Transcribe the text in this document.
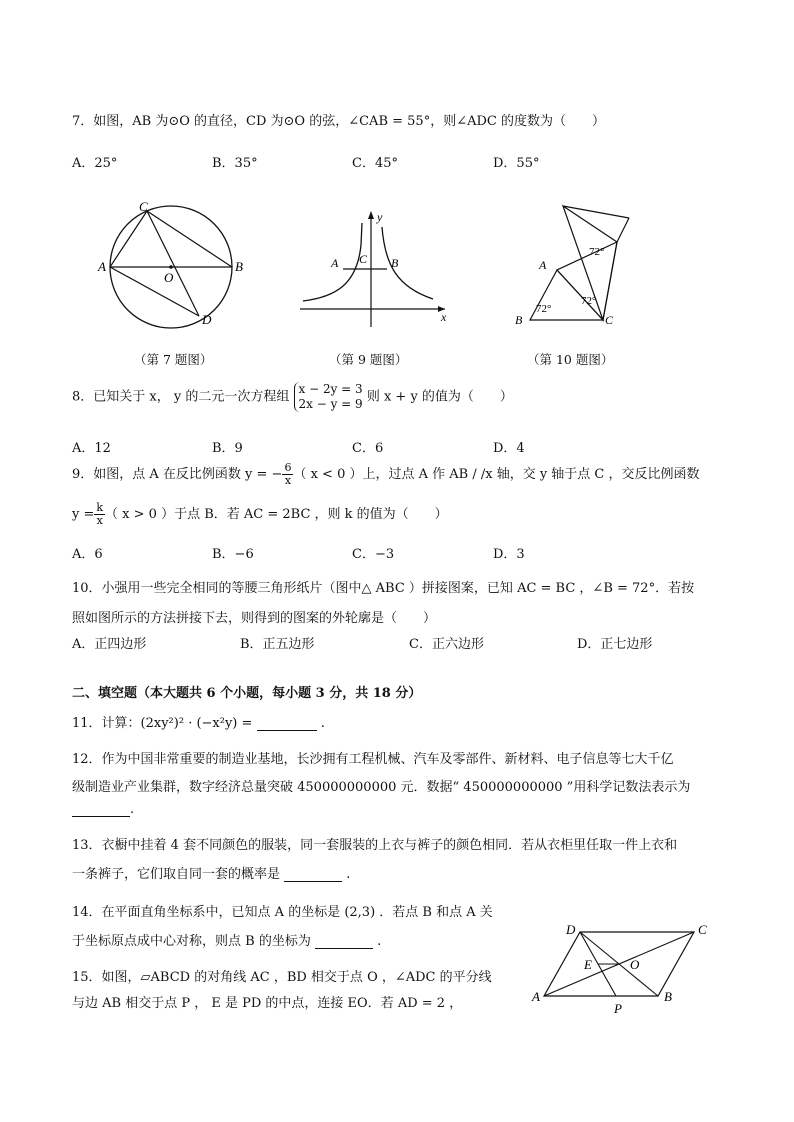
7．如图，AB 为⊙O 的直径，CD 为⊙O 的弦，∠CAB = 55°，则∠ADC 的度数为（　　）
A．25°	B．35°	C．45°	D．55°
C
A
O
B
D
（第 7 题图）
y
A C B
x
（第 9 题图）
72°
A
72°
72°
B	C
（第 10 题图）
8．已知关于 x， y 的二元一次方程组
x − 2y = 3
2x − y = 9 则 x + y 的值为（　　）
A．12	B．9	C．6	D．4
9．如图，点 A 在反比例函数 y = − $\frac{6}{x}$ （ x < 0 ）上，过点 A 作 AB / /x 轴，交 y 轴于点 C ，交反比例函数
$y = \frac{k}{x}$ （ x > 0 ）于点 B．若 AC = 2BC ，则 k 的值为（　　）
A．6	B．−6	C．−3	D．3
10．小强用一些完全相同的等腰三角形纸片（图中△ ABC ）拼接图案，已知 AC = BC ，∠B = 72°．若按
照如图所示的方法拼接下去，则得到的图案的外轮廓是（　　）
A．正四边形	B．正五边形	C．正六边形	D．正七边形
二、填空题（本大题共 6 个小题，每小题 3 分，共 18 分）
11．计算：(2xy²)² · (−x²y) =	.
12．作为中国非常重要的制造业基地，长沙拥有工程机械、汽车及零部件、新材料、电子信息等七大千亿
级制造业产业集群，数字经济总量突破 450000000000 元．数据“ 450000000000 ”用科学记数法表示为
.
13．衣橱中挂着 4 套不同颜色的服装，同一套服装的上衣与裤子的颜色相同．若从衣柜里任取一件上衣和
一条裤子，它们取自同一套的概率是	.
14．在平面直角坐标系中，已知点 A 的坐标是 (2,3) ．若点 B 和点 A 关
于坐标原点成中心对称，则点 B 的坐标为	.
D	C
E	O
A	B
P
15．如图，▱ABCD 的对角线 AC ，BD 相交于点 O ，∠ADC 的平分线
与边 AB 相交于点 P ， E 是 PD 的中点，连接 EO．若 AD = 2 ，
